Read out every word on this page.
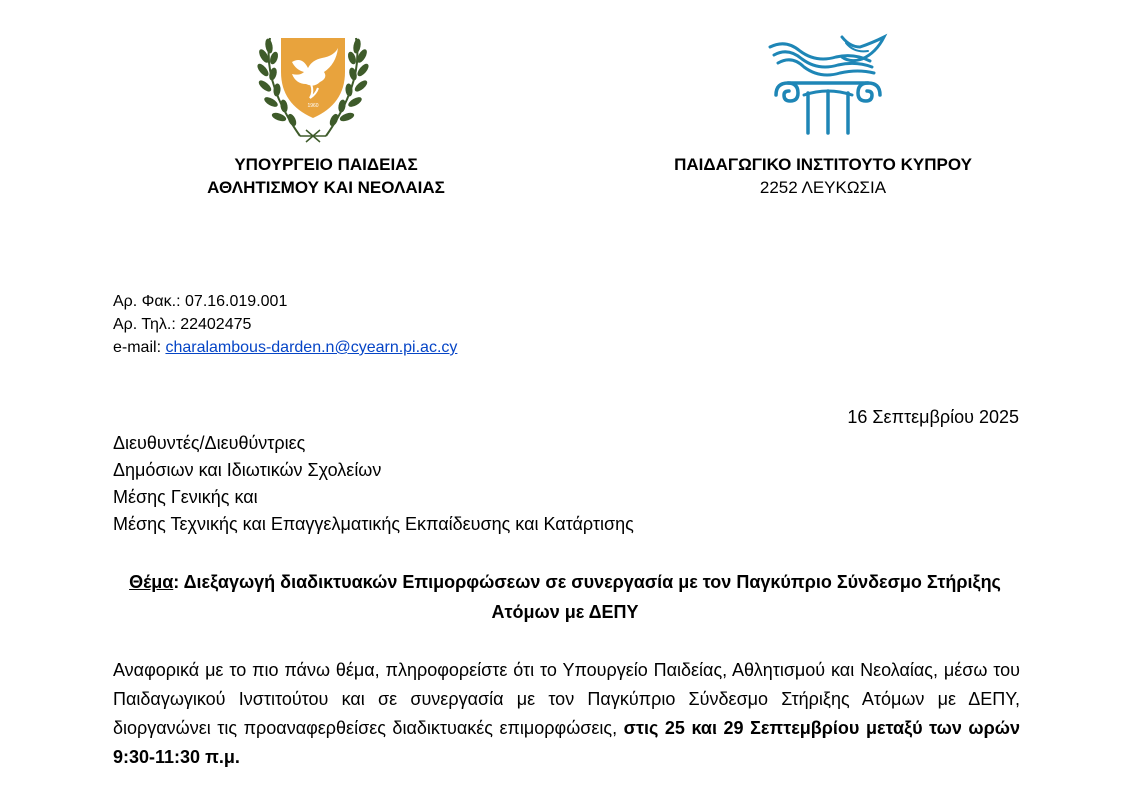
1960
ΥΠΟΥΡΓΕΙΟ ΠΑΙΔΕΙΑΣ
ΑΘΛΗΤΙΣΜΟΥ ΚΑΙ ΝΕΟΛΑΙΑΣ
ΠΑΙΔΑΓΩΓΙΚΟ ΙΝΣΤΙΤΟΥΤΟ ΚΥΠΡΟΥ
2252 ΛΕΥΚΩΣΙΑ
Αρ. Φακ.: 07.16.019.001
Αρ. Τηλ.: 22402475
e-mail: charalambous-darden.n@cyearn.pi.ac.cy
16 Σεπτεμβρίου 2025
Διευθυντές/Διευθύντριες
Δημόσιων και Ιδιωτικών Σχολείων
Μέσης Γενικής και
Μέσης Τεχνικής και Επαγγελματικής Εκπαίδευσης και Κατάρτισης
Θέμα: Διεξαγωγή διαδικτυακών Επιμορφώσεων σε συνεργασία με τον Παγκύπριο Σύνδεσμο Στήριξης Ατόμων με ΔΕΠΥ
Αναφορικά με το πιο πάνω θέμα, πληροφορείστε ότι το Υπουργείο Παιδείας, Αθλητισμού και Νεολαίας, μέσω του Παιδαγωγικού Ινστιτούτου και σε συνεργασία με τον Παγκύπριο Σύνδεσμο Στήριξης Ατόμων με ΔΕΠΥ, διοργανώνει τις προαναφερθείσες διαδικτυακές επιμορφώσεις, στις 25 και 29 Σεπτεμβρίου μεταξύ των ωρών 9:30-11:30 π.μ.
